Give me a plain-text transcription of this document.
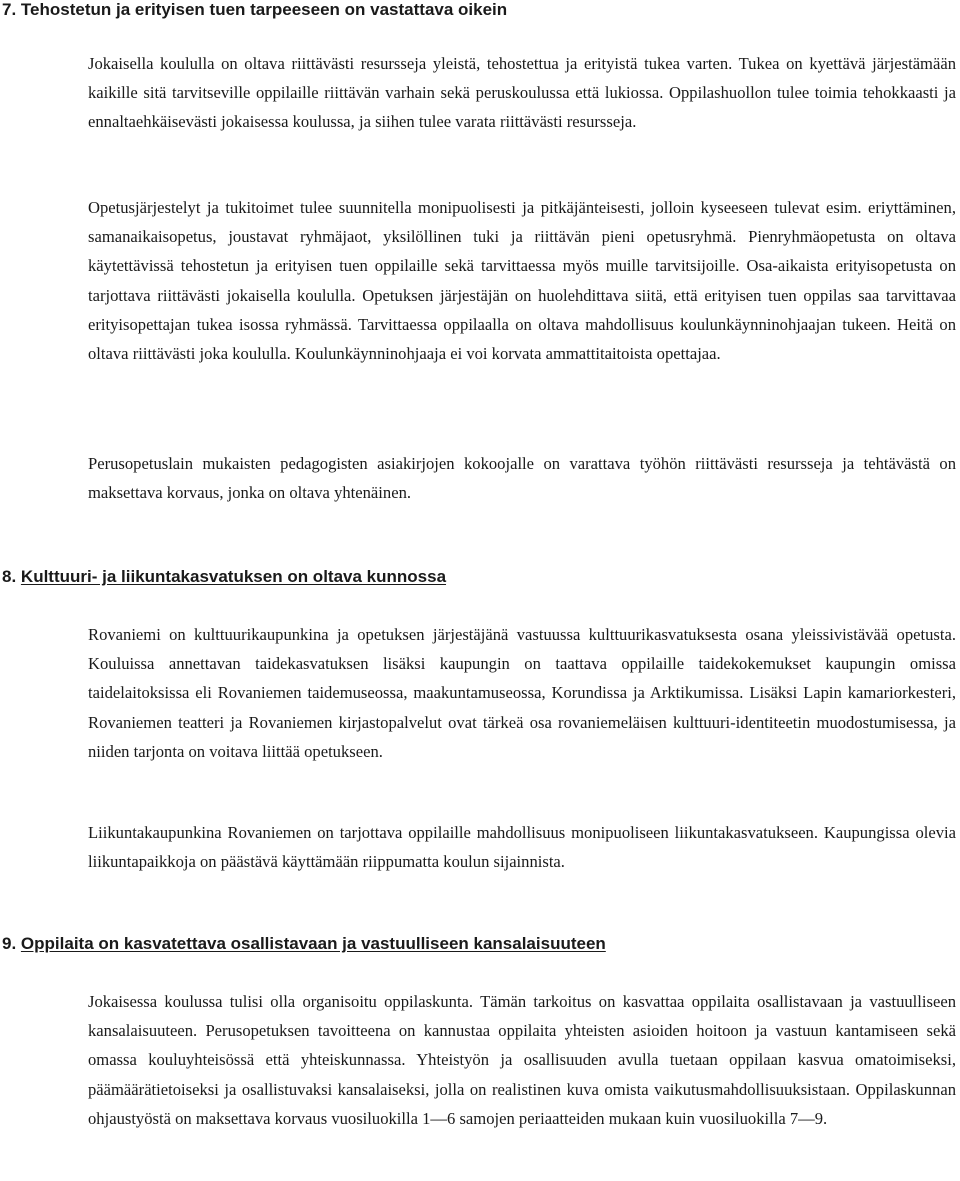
7. Tehostetun ja erityisen tuen tarpeeseen on vastattava oikein

Jokaisella koululla on oltava riittävästi resursseja yleistä, tehostettua ja erityistä tukea varten. Tukea on kyettävä järjestämään kaikille sitä tarvitseville oppilaille riittävän varhain sekä peruskoulussa että lukiossa. Oppilashuollon tulee toimia tehokkaasti ja ennaltaehkäisevästi jokaisessa koulussa, ja siihen tulee varata riittävästi resursseja.

Opetusjärjestelyt ja tukitoimet tulee suunnitella monipuolisesti ja pitkäjänteisesti, jolloin kyseeseen tulevat esim. eriyttäminen, samanaikaisopetus, joustavat ryhmäjaot, yksilöllinen tuki ja riittävän pieni opetusryhmä. Pienryhmäopetusta on oltava käytettävissä tehostetun ja erityisen tuen oppilaille sekä tarvittaessa myös muille tarvitsijoille. Osa-aikaista erityisopetusta on tarjottava riittävästi jokaisella koululla. Opetuksen järjestäjän on huolehdittava siitä, että erityisen tuen oppilas saa tarvittavaa erityisopettajan tukea isossa ryhmässä. Tarvittaessa oppilaalla on oltava mahdollisuus koulunkäynninohjaajan tukeen. Heitä on oltava riittävästi joka koululla. Koulunkäynninohjaaja ei voi korvata ammattitaitoista opettajaa.

Perusopetuslain mukaisten pedagogisten asiakirjojen kokoojalle on varattava työhön riittävästi resursseja ja tehtävästä on maksettava korvaus, jonka on oltava yhtenäinen.

8. Kulttuuri- ja liikuntakasvatuksen on oltava kunnossa

Rovaniemi on kulttuurikaupunkina ja opetuksen järjestäjänä vastuussa kulttuurikasvatuksesta osana yleissivistävää opetusta. Kouluissa annettavan taidekasvatuksen lisäksi kaupungin on taattava oppilaille taidekokemukset kaupungin omissa taidelaitoksissa eli Rovaniemen taidemuseossa, maakuntamuseossa, Korundissa ja Arktikumissa. Lisäksi Lapin kamariorkesteri, Rovaniemen teatteri ja Rovaniemen kirjastopalvelut ovat tärkeä osa rovaniemeläisen kulttuuri-identiteetin muodostumisessa, ja niiden tarjonta on voitava liittää opetukseen.

Liikuntakaupunkina Rovaniemen on tarjottava oppilaille mahdollisuus monipuoliseen liikuntakasvatukseen. Kaupungissa olevia liikuntapaikkoja on päästävä käyttämään riippumatta koulun sijainnista.

9. Oppilaita on kasvatettava osallistavaan ja vastuulliseen kansalaisuuteen

Jokaisessa koulussa tulisi olla organisoitu oppilaskunta. Tämän tarkoitus on kasvattaa oppilaita osallistavaan ja vastuulliseen kansalaisuuteen. Perusopetuksen tavoitteena on kannustaa oppilaita yhteisten asioiden hoitoon ja vastuun kantamiseen sekä omassa kouluyhteisössä että yhteiskunnassa. Yhteistyön ja osallisuuden avulla tuetaan oppilaan kasvua omatoimiseksi, päämäärätietoiseksi ja osallistuvaksi kansalaiseksi, jolla on realistinen kuva omista vaikutusmahdollisuuksistaan. Oppilaskunnan ohjaustyöstä on maksettava korvaus vuosiluokilla 1—6 samojen periaatteiden mukaan kuin vuosiluokilla 7—9.
